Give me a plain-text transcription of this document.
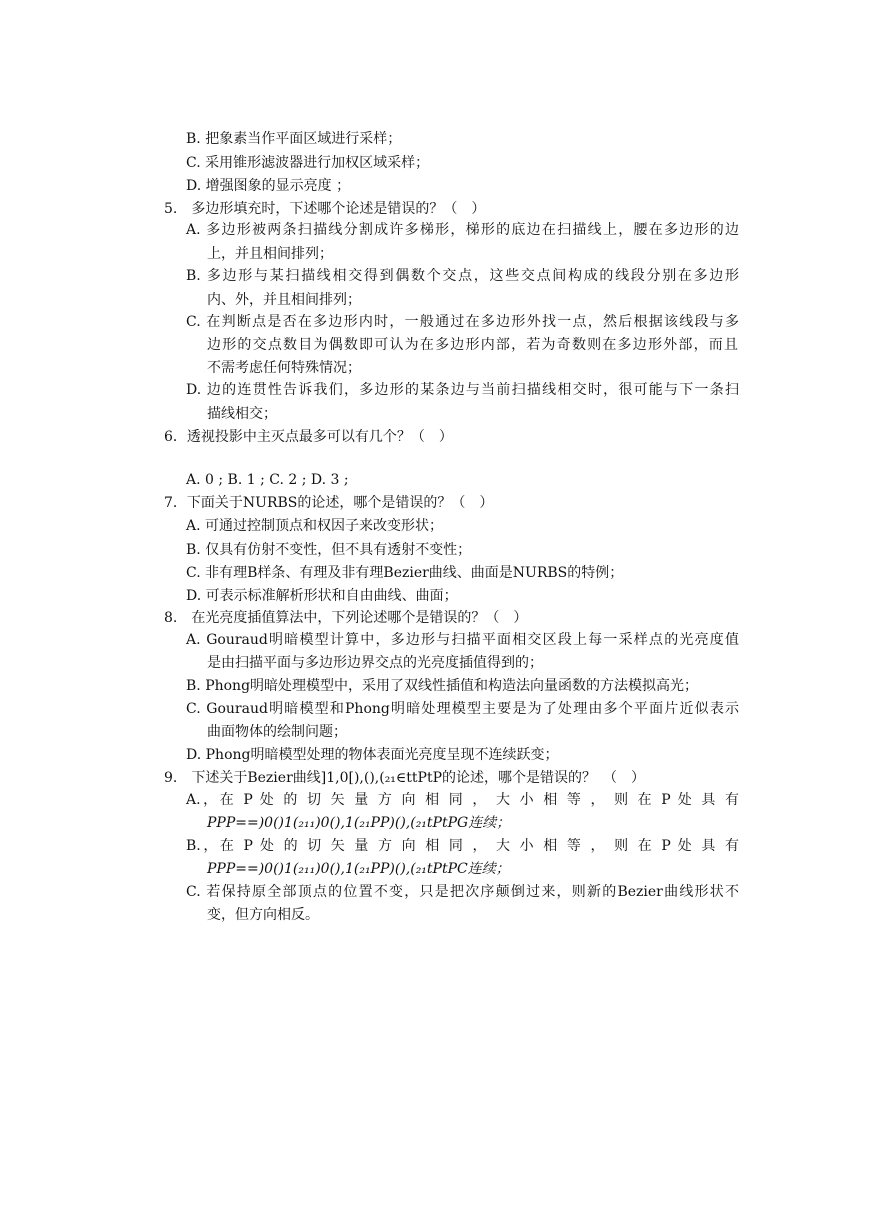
B. 把象素当作平面区域进行采样；
C. 采用锥形滤波器进行加权区域采样；
D. 增强图象的显示亮度 ；
5.　多边形填充时，下述哪个论述是错误的？（　）
A. 多边形被两条扫描线分割成许多梯形，梯形的底边在扫描线上，腰在多边形的边
上，并且相间排列；
B. 多边形与某扫描线相交得到偶数个交点，这些交点间构成的线段分别在多边形
内、外，并且相间排列；
C. 在判断点是否在多边形内时，一般通过在多边形外找一点，然后根据该线段与多
边形的交点数目为偶数即可认为在多边形内部，若为奇数则在多边形外部，而且
不需考虑任何特殊情况；
D. 边的连贯性告诉我们，多边形的某条边与当前扫描线相交时，很可能与下一条扫
描线相交；
6．透视投影中主灭点最多可以有几个？（　）
A. 0 ; B. 1 ; C. 2 ; D. 3 ;
7．下面关于NURBS的论述，哪个是错误的？（　）
A. 可通过控制顶点和权因子来改变形状；
B. 仅具有仿射不变性，但不具有透射不变性；
C. 非有理B样条、有理及非有理Bezier曲线、曲面是NURBS的特例；
D. 可表示标准解析形状和自由曲线、曲面；
8.　在光亮度插值算法中，下列论述哪个是错误的？（　）
A. Gouraud明暗模型计算中，多边形与扫描平面相交区段上每一采样点的光亮度值
是由扫描平面与多边形边界交点的光亮度插值得到的；
B. Phong明暗处理模型中，采用了双线性插值和构造法向量函数的方法模拟高光；
C. Gouraud明暗模型和Phong明暗处理模型主要是为了处理由多个平面片近似表示
曲面物体的绘制问题；
D. Phong明暗模型处理的物体表面光亮度呈现不连续跃变；
9.　下述关于Bezier曲线]1,0[),(),(₂₁∈ttPtP的论述，哪个是错误的？　（　）
A.，在 P 处 的 切 矢 量 方 向 相 同 ， 大 小 相 等 ， 则 在 P 处 具 有
PPP==)0()1(₂₁₁)0(),1(₂₁PP)(),(₂₁tPtPG连续；
B.，在 P 处 的 切 矢 量 方 向 相 同 ， 大 小 相 等 ， 则 在 P 处 具 有
PPP==)0()1(₂₁₁)0(),1(₂₁PP)(),(₂₁tPtPC连续；
C. 若保持原全部顶点的位置不变，只是把次序颠倒过来，则新的Bezier曲线形状不
变，但方向相反。
